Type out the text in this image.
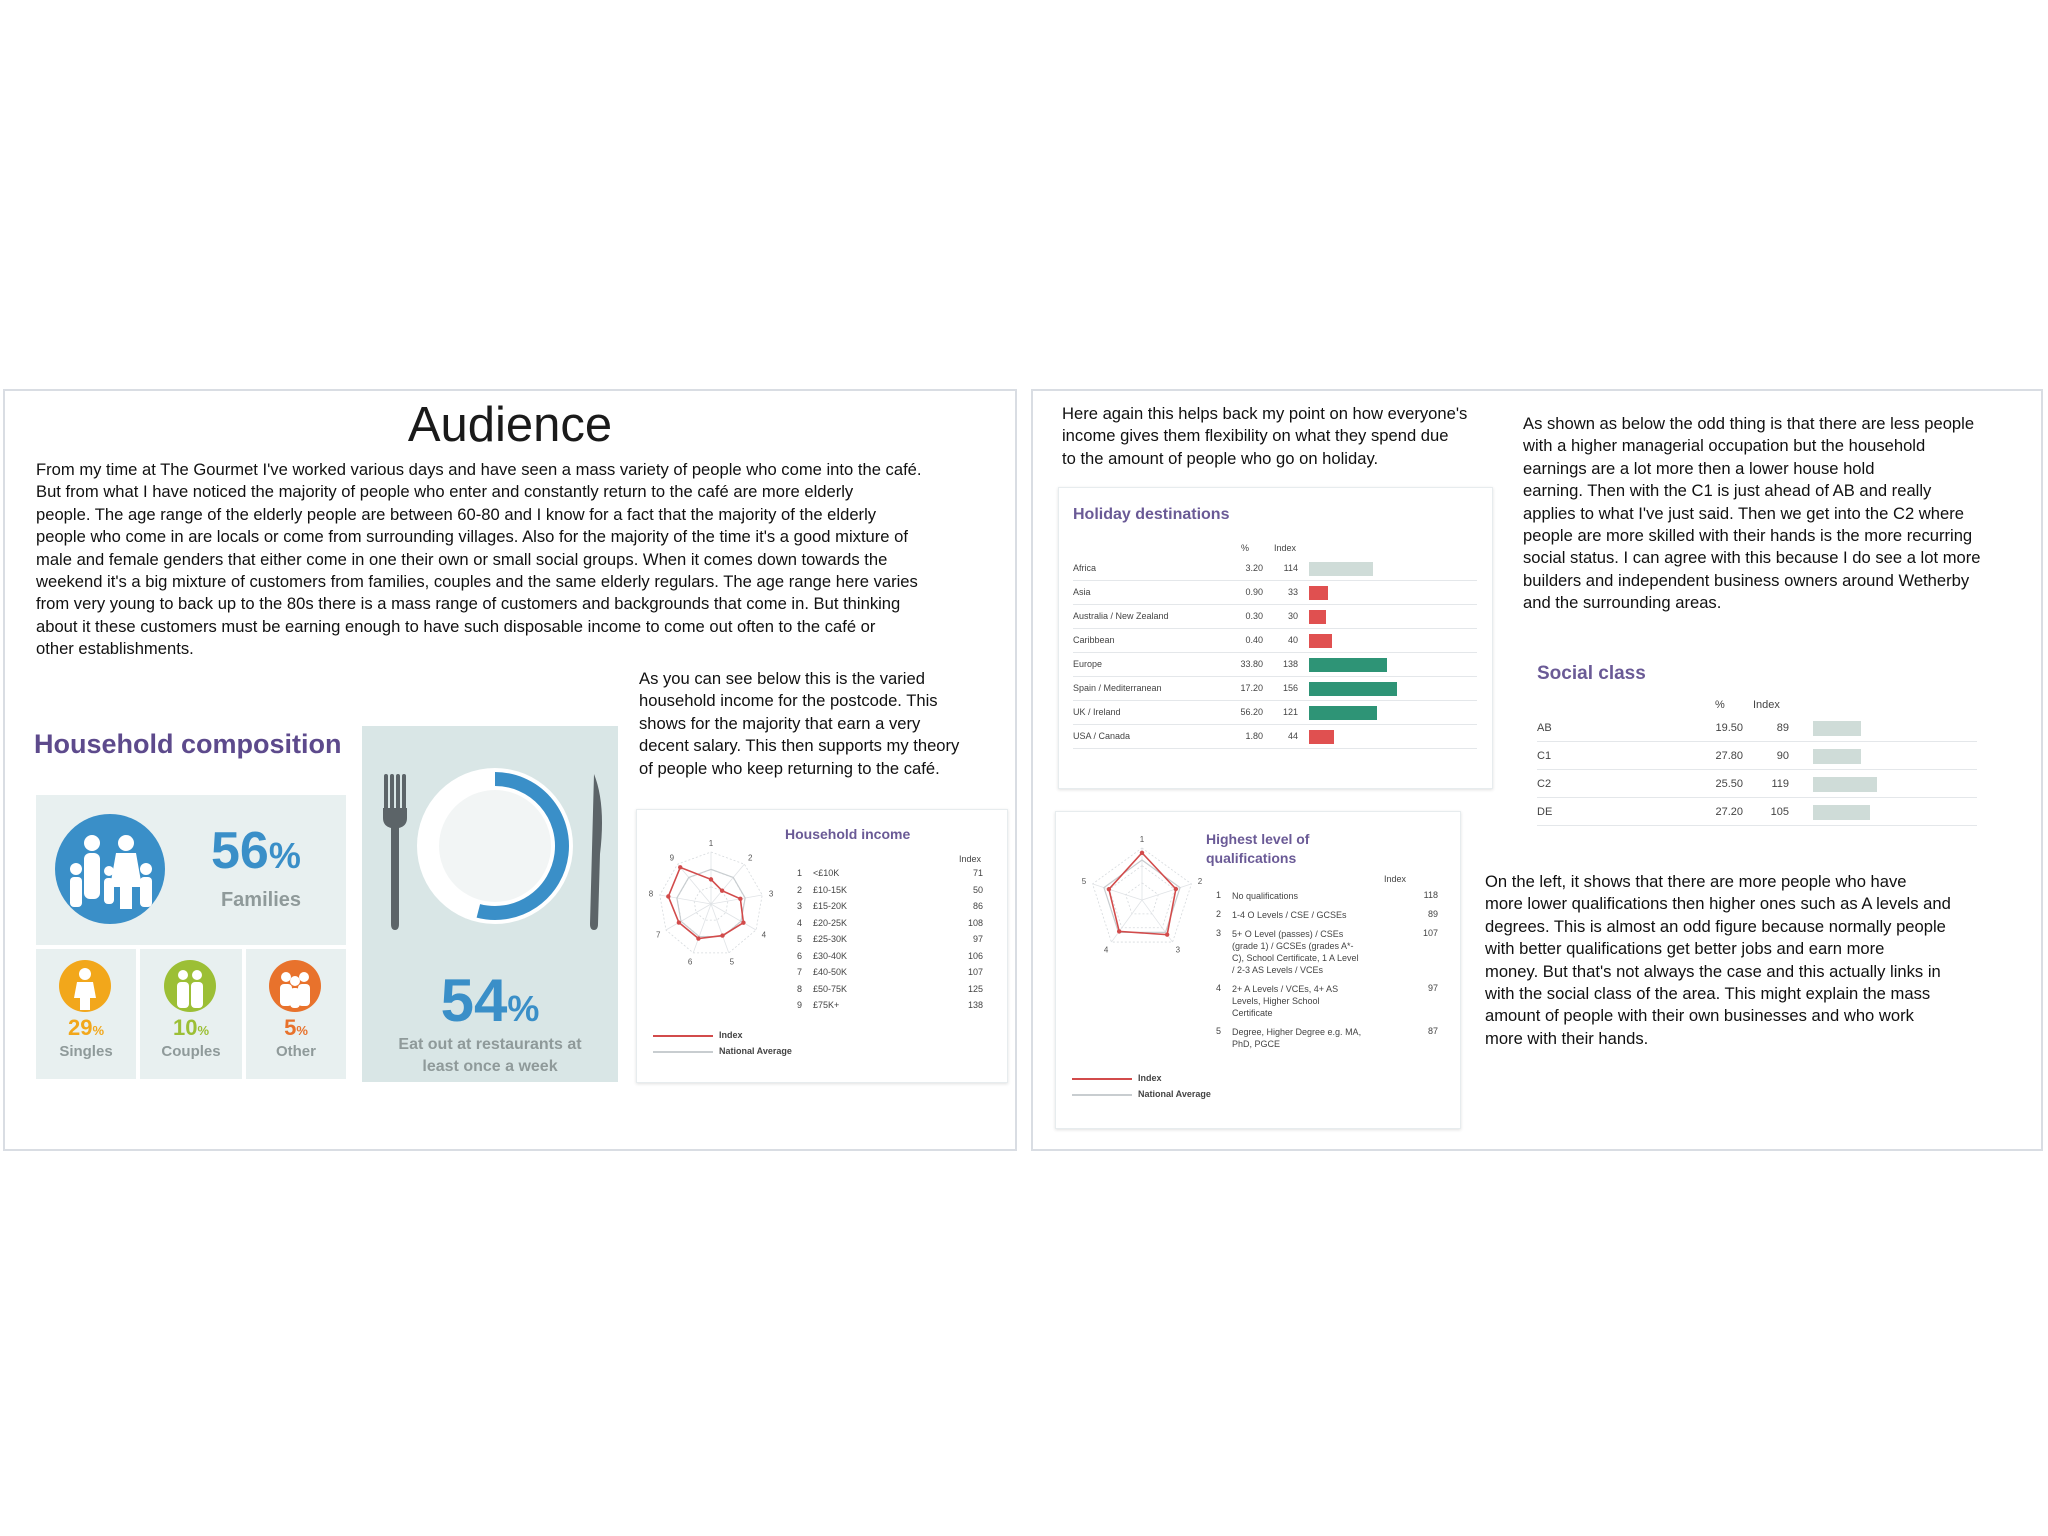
Audience
From my time at The Gourmet I've worked various days and have seen a mass variety of people who come into the café.
But from what I have noticed the majority of people who enter and constantly return to the café are more elderly
people. The age range of the elderly people are between 60-80 and I know for a fact that the majority of the elderly
people who come in are locals or come from surrounding villages. Also for the majority of the time it's a good mixture of
male and female genders that either come in one their own or small social groups. When it comes down towards the
weekend it's a big mixture of customers from families, couples and the same elderly regulars. The age range here varies
from very young to back up to the 80s there is a mass range of customers and backgrounds that come in. But thinking
about it these customers must be earning enough to have such disposable income to come out often to the café or
other establishments.
As you can see below this is the varied
household income for the postcode. This
shows for the majority that earn a very
decent salary. This then supports my theory
of people who keep returning to the café.
Household composition
56%
Families
29%
Singles
10%
Couples
5%
Other
54%
Eat out at restaurants at
least once a week
1
2
3
4
5
6
7
8
9
Household income
Index
1 <£10K	71
2 £10-15K	50
3 £15-20K	86
4 £20-25K	108
5 £25-30K	97
6 £30-40K	106
7 £40-50K	107
8 £50-75K	125
9 £75K+	138
Index
National Average
Here again this helps back my point on how everyone's
income gives them flexibility on what they spend due
to the amount of people who go on holiday.
As shown as below the odd thing is that there are less people
with a higher managerial occupation but the household
earnings are a lot more then a lower house hold
earning. Then with the C1 is just ahead of AB and really
applies to what I've just said. Then we get into the C2 where
people are more skilled with their hands is the more recurring
social status. I can agree with this because I do see a lot more
builders and independent business owners around Wetherby
and the surrounding areas.
Holiday destinations
%	Index
Africa	3.20	114
Asia	0.90	33
Australia / New Zealand	0.30	30
Caribbean	0.40	40
Europe	33.80	138
Spain / Mediterranean	17.20	156
UK / Ireland	56.20	121
USA / Canada	1.80	44
1
2
3
4
5
Highest level of
qualifications
Index
1 No qualifications	118
2 1-4 O Levels / CSE / GCSEs	89
3 5+ O Level (passes) / CSEs
(grade 1) / GCSEs (grades A*-
C), School Certificate, 1 A Level
/ 2-3 AS Levels / VCEs
107
4 2+ A Levels / VCEs, 4+ AS
Levels, Higher School
Certificate
97
5 Degree, Higher Degree e.g. MA,
PhD, PGCE
87
Index
National Average
Social class
%	Index
AB	19.50	89
C1	27.80	90
C2	25.50	119
DE	27.20	105
On the left, it shows that there are more people who have
more lower qualifications then higher ones such as A levels and
degrees. This is almost an odd figure because normally people
with better qualifications get better jobs and earn more
money. But that's not always the case and this actually links in
with the social class of the area. This might explain the mass
amount of people with their own businesses and who work
more with their hands.
